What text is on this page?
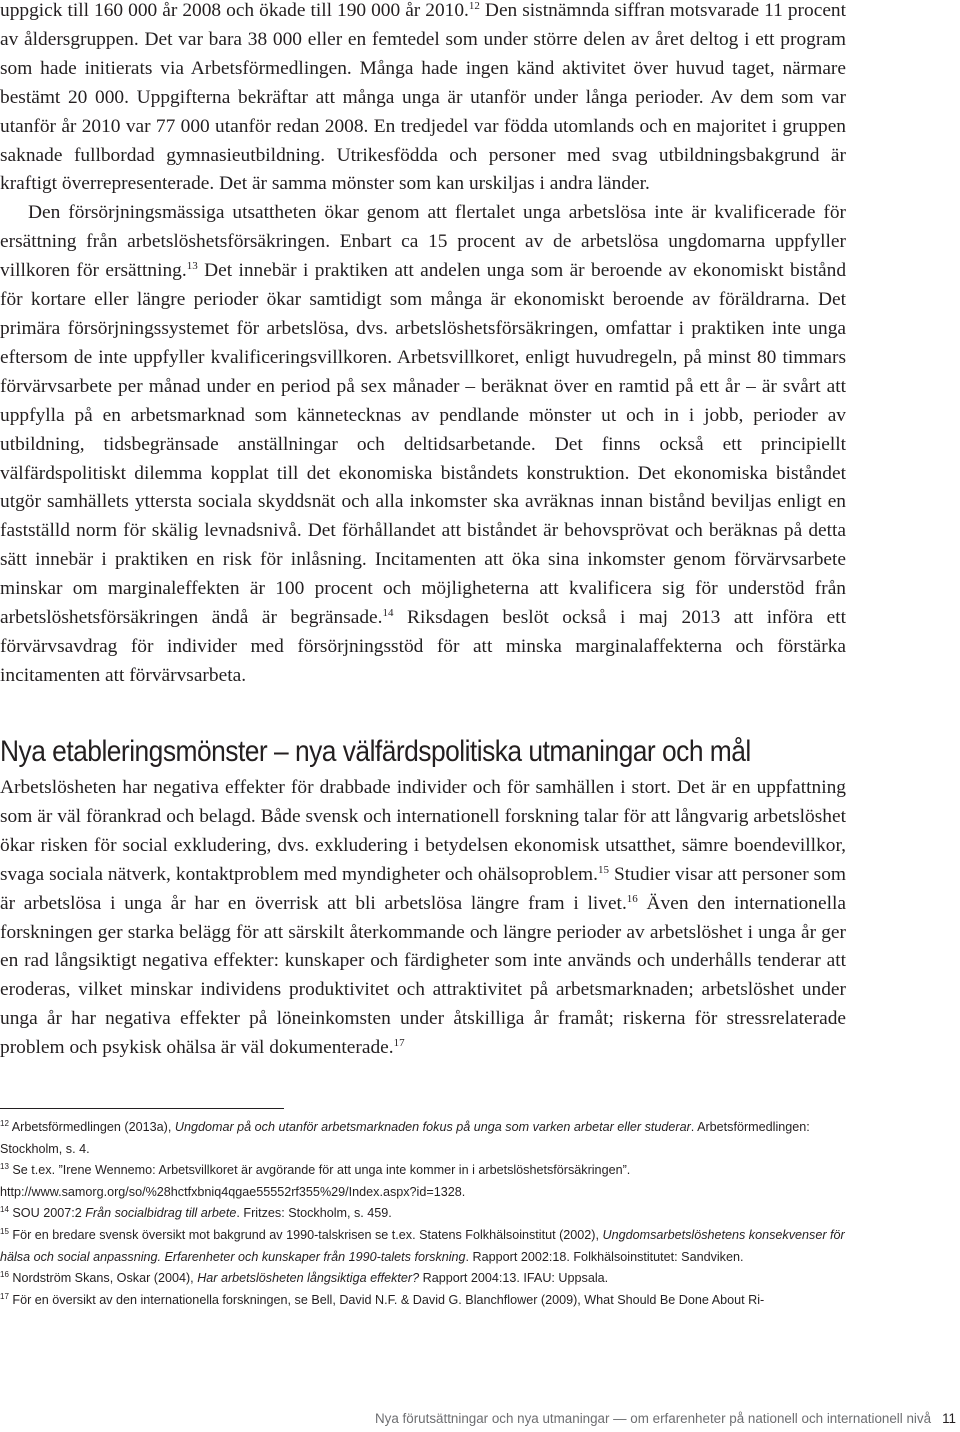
uppgick till 160 000 år 2008 och ökade till 190 000 år 2010.12 Den sistnämnda siffran motsvarade 11 procent av åldersgruppen. Det var bara 38 000 eller en femtedel som under större delen av året deltog i ett program som hade initierats via Arbetsförmedlingen. Många hade ingen känd aktivitet över huvud taget, närmare bestämt 20 000. Uppgifterna bekräftar att många unga är utanför under långa perioder. Av dem som var utanför år 2010 var 77 000 utanför redan 2008. En tredjedel var födda utomlands och en majoritet i gruppen saknade fullbordad gymnasieutbildning. Utrikesfödda och personer med svag utbildningsbakgrund är kraftigt överrepresenterade. Det är samma mönster som kan urskiljas i andra länder.

Den försörjningsmässiga utsattheten ökar genom att flertalet unga arbetslösa inte är kvalificerade för ersättning från arbetslöshetsförsäkringen. Enbart ca 15 procent av de arbetslösa ungdomarna uppfyller villkoren för ersättning.$^{13}$ Det innebär i praktiken att andelen unga som är beroende av ekonomiskt bistånd för kortare eller längre perioder ökar samtidigt som många är ekonomiskt beroende av föräldrarna. Det primära försörjningssystemet för arbetslösa, dvs. arbetslöshetsförsäkringen, omfattar i praktiken inte unga eftersom de inte uppfyller kvalificeringsvillkoren. Arbetsvillkoret, enligt huvudregeln, på minst 80 timmars förvärvsarbete per månad under en period på sex månader – beräknat över en ramtid på ett år – är svårt att uppfylla på en arbetsmarknad som kännetecknas av pendlande mönster ut och in i jobb, perioder av utbildning, tidsbegränsade anställningar och deltidsarbetande. Det finns också ett principiellt välfärdspolitiskt dilemma kopplat till det ekonomiska biståndets konstruktion. Det ekonomiska biståndet utgör samhällets yttersta sociala skyddsnät och alla inkomster ska avräknas innan bistånd beviljas enligt en fastställd norm för skälig levnadsnivå. Det förhållandet att biståndet är behovsprövat och beräknas på detta sätt innebär i praktiken en risk för inlåsning. Incitamenten att öka sina inkomster genom förvärvsarbete minskar om marginaleffekten är 100 procent och möjligheterna att kvalificera sig för understöd från arbetslöshetsförsäkringen ändå är begränsade.$^{14}$ Riksdagen beslöt också i maj 2013 att införa ett förvärvsavdrag för individer med försörjningsstöd för att minska marginalaffekterna och förstärka incitamenten att förvärvsarbeta.

Nya etableringsmönster – nya välfärdspolitiska utmaningar och mål

Arbetslösheten har negativa effekter för drabbade individer och för samhällen i stort. Det är en uppfattning som är väl förankrad och belagd. Både svensk och internationell forskning talar för att långvarig arbetslöshet ökar risken för social exkludering, dvs. exkludering i betydelsen ekonomisk utsatthet, sämre boendevillkor, svaga sociala nätverk, kontaktproblem med myndigheter och ohälsoproblem.$^{15}$ Studier visar att personer som är arbetslösa i unga år har en överrisk att bli arbetslösa längre fram i livet.$^{16}$ Även den internationella forskningen ger starka belägg för att särskilt återkommande och längre perioder av arbetslöshet i unga år ger en rad långsiktigt negativa effekter: kunskaper och färdigheter som inte används och underhålls tenderar att eroderas, vilket minskar individens produktivitet och attraktivitet på arbetsmarknaden; arbetslöshet under unga år har negativa effekter på löneinkomsten under åtskilliga år framåt; riskerna för stressrelaterade problem och psykisk ohälsa är väl dokumenterade.$^{17}$

$^{12}$ Arbetsförmedlingen (2013a), Ungdomar på och utanför arbetsmarknaden fokus på unga som varken arbetar eller studerar. Arbetsförmedlingen: Stockholm, s. 4.

$^{13}$ Se t.ex. ”Irene Wennemo: Arbetsvillkoret är avgörande för att unga inte kommer in i arbetslöshetsförsäkringen”. http://www.samorg.org/so/%28hctfxbniq4qgae55552rf355%29/Index.aspx?id=1328.

$^{14}$ SOU 2007:2 Från socialbidrag till arbete. Fritzes: Stockholm, s. 459.

$^{15}$ För en bredare svensk översikt mot bakgrund av 1990-talskrisen se t.ex. Statens Folkhälsoinstitut (2002), Ungdomsarbetslöshetens konsekvenser för hälsa och social anpassning. Erfarenheter och kunskaper från 1990-talets forskning. Rapport 2002:18. Folkhälsoinstitutet: Sandviken.

$^{16}$ Nordström Skans, Oskar (2004), Har arbetslösheten långsiktiga effekter? Rapport 2004:13. IFAU: Uppsala.

$^{17}$ För en översikt av den internationella forskningen, se Bell, David N.F. & David G. Blanchflower (2009), What Should Be Done About Ri-

Nya förutsättningar och nya utmaningar — om erfarenheter på nationell och internationell nivå 11
